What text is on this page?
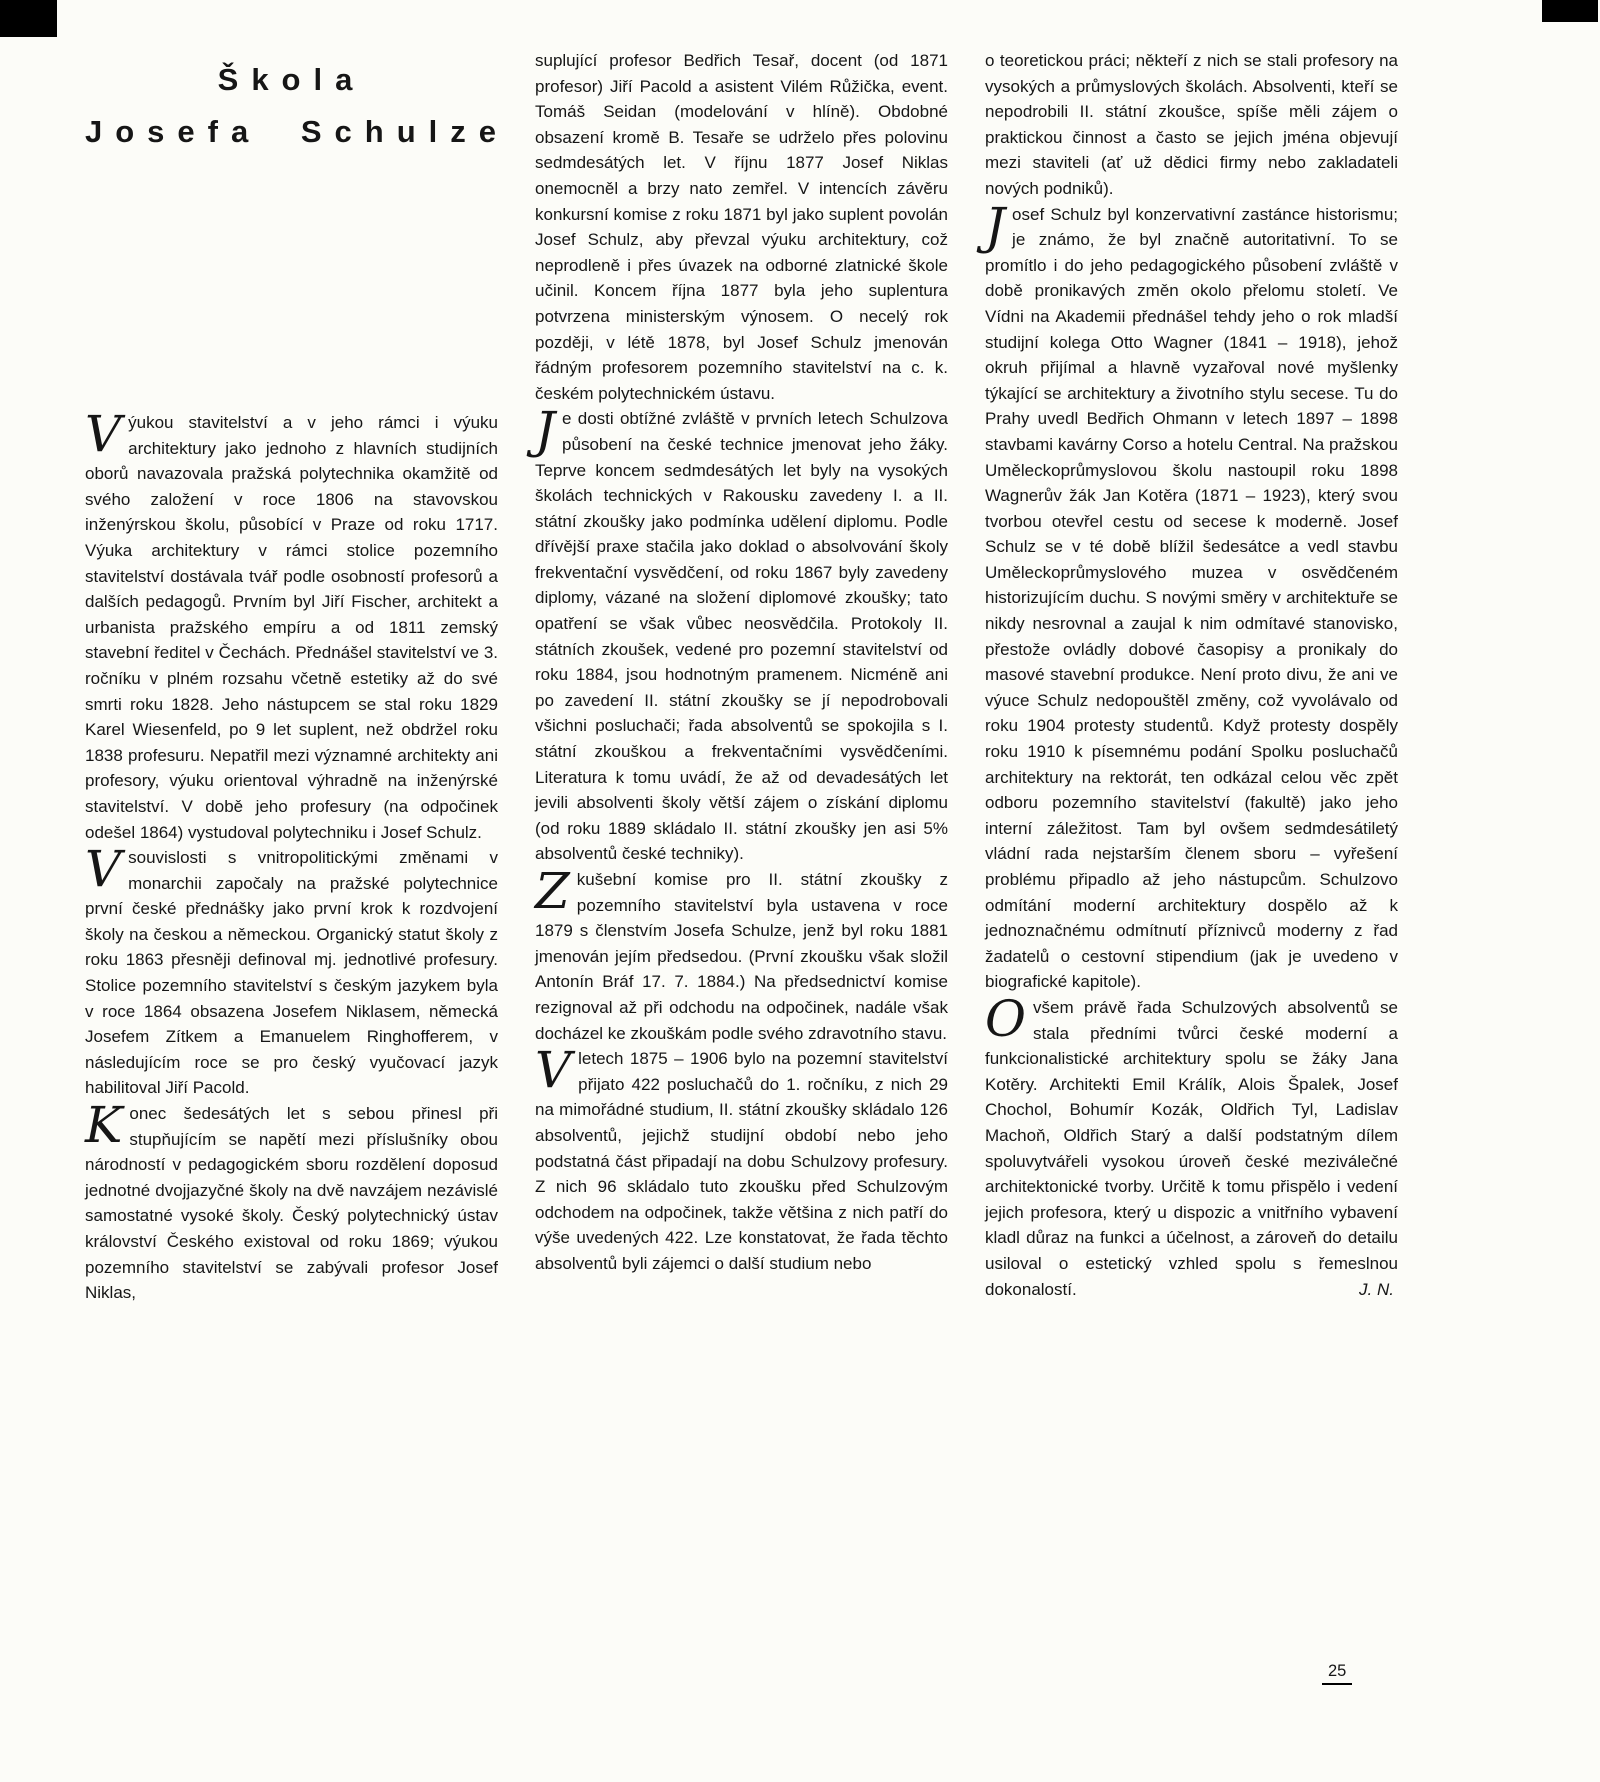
Škola
Josefa Schulze

Výukou stavitelství a v jeho rámci i výuku architektury jako jednoho z hlavních studijních oborů navazovala pražská polytechnika okamžitě od svého založení v roce 1806 na stavovskou inženýrskou školu, působící v Praze od roku 1717. Výuka architektury v rámci stolice pozemního stavitelství dostávala tvář podle osobností profesorů a dalších pedagogů. Prvním byl Jiří Fischer, architekt a urbanista pražského empíru a od 1811 zemský stavební ředitel v Čechách. Přednášel stavitelství ve 3. ročníku v plném rozsahu včetně estetiky až do své smrti roku 1828. Jeho nástupcem se stal roku 1829 Karel Wiesenfeld, po 9 let suplent, než obdržel roku 1838 profesuru. Nepatřil mezi významné architekty ani profesory, výuku orientoval výhradně na inženýrské stavitelství. V době jeho profesury (na odpočinek odešel 1864) vystudoval polytechniku i Josef Schulz.

V souvislosti s vnitropolitickými změnami v monarchii započaly na pražské polytechnice první české přednášky jako první krok k rozdvojení školy na českou a německou. Organický statut školy z roku 1863 přesněji definoval mj. jednotlivé profesury. Stolice pozemního stavitelství s českým jazykem byla v roce 1864 obsazena Josefem Niklasem, německá Josefem Zítkem a Emanuelem Ringhofferem, v následujícím roce se pro český vyučovací jazyk habilitoval Jiří Pacold.

Konec šedesátých let s sebou přinesl při stupňujícím se napětí mezi příslušníky obou národností v pedagogickém sboru rozdělení doposud jednotné dvojjazyčné školy na dvě navzájem nezávislé samostatné vysoké školy. Český polytechnický ústav království Českého existoval od roku 1869; výukou pozemního stavitelství se zabývali profesor Josef Niklas,

suplující profesor Bedřich Tesař, docent (od 1871 profesor) Jiří Pacold a asistent Vilém Růžička, event. Tomáš Seidan (modelování v hlíně). Obdobné obsazení kromě B. Tesaře se udrželo přes polovinu sedmdesátých let. V říjnu 1877 Josef Niklas onemocněl a brzy nato zemřel. V intencích závěru konkursní komise z roku 1871 byl jako suplent povolán Josef Schulz, aby převzal výuku architektury, což neprodleně i přes úvazek na odborné zlatnické škole učinil. Koncem října 1877 byla jeho suplentura potvrzena ministerským výnosem. O necelý rok později, v létě 1878, byl Josef Schulz jmenován řádným profesorem pozemního stavitelství na c. k. českém polytechnickém ústavu.

Je dosti obtížné zvláště v prvních letech Schulzova působení na české technice jmenovat jeho žáky. Teprve koncem sedmdesátých let byly na vysokých školách technických v Rakousku zavedeny I. a II. státní zkoušky jako podmínka udělení diplomu. Podle dřívější praxe stačila jako doklad o absolvování školy frekventační vysvědčení, od roku 1867 byly zavedeny diplomy, vázané na složení diplomové zkoušky; tato opatření se však vůbec neosvědčila. Protokoly II. státních zkoušek, vedené pro pozemní stavitelství od roku 1884, jsou hodnotným pramenem. Nicméně ani po zavedení II. státní zkoušky se jí nepodrobovali všichni posluchači; řada absolventů se spokojila s I. státní zkouškou a frekventačními vysvědčeními. Literatura k tomu uvádí, že až od devadesátých let jevili absolventi školy větší zájem o získání diplomu (od roku 1889 skládalo II. státní zkoušky jen asi 5% absolventů české techniky).

Zkušební komise pro II. státní zkoušky z pozemního stavitelství byla ustavena v roce 1879 s členstvím Josefa Schulze, jenž byl roku 1881 jmenován jejím předsedou. (První zkoušku však složil Antonín Bráf 17. 7. 1884.) Na předsednictví komise rezignoval až při odchodu na odpočinek, nadále však docházel ke zkouškám podle svého zdravotního stavu.

Vletech 1875 – 1906 bylo na pozemní stavitelství přijato 422 posluchačů do 1. ročníku, z nich 29 na mimořádné studium, II. státní zkoušky skládalo 126 absolventů, jejichž studijní období nebo jeho podstatná část připadají na dobu Schulzovy profesury. Z nich 96 skládalo tuto zkoušku před Schulzovým odchodem na odpočinek, takže většina z nich patří do výše uvedených 422. Lze konstatovat, že řada těchto absolventů byli zájemci o další studium nebo

o teoretickou práci; někteří z nich se stali profesory na vysokých a průmyslových školách. Absolventi, kteří se nepodrobili II. státní zkoušce, spíše měli zájem o praktickou činnost a často se jejich jména objevují mezi staviteli (ať už dědici firmy nebo zakladateli nových podniků).

Josef Schulz byl konzervativní zastánce historismu; je známo, že byl značně autoritativní. To se promítlo i do jeho pedagogického působení zvláště v době pronikavých změn okolo přelomu století. Ve Vídni na Akademii přednášel tehdy jeho o rok mladší studijní kolega Otto Wagner (1841 – 1918), jehož okruh přijímal a hlavně vyzařoval nové myšlenky týkající se architektury a životního stylu secese. Tu do Prahy uvedl Bedřich Ohmann v letech 1897 – 1898 stavbami kavárny Corso a hotelu Central. Na pražskou Uměleckoprůmyslovou školu nastoupil roku 1898 Wagnerův žák Jan Kotěra (1871 – 1923), který svou tvorbou otevřel cestu od secese k moderně. Josef Schulz se v té době blížil šedesátce a vedl stavbu Uměleckoprůmyslového muzea v osvědčeném historizujícím duchu. S novými směry v architektuře se nikdy nesrovnal a zaujal k nim odmítavé stanovisko, přestože ovládly dobové časopisy a pronikaly do masové stavební produkce. Není proto divu, že ani ve výuce Schulz nedopouštěl změny, což vyvolávalo od roku 1904 protesty studentů. Když protesty dospěly roku 1910 k písemnému podání Spolku posluchačů architektury na rektorát, ten odkázal celou věc zpět odboru pozemního stavitelství (fakultě) jako jeho interní záležitost. Tam byl ovšem sedmdesátiletý vládní rada nejstarším členem sboru – vyřešení problému připadlo až jeho nástupcům. Schulzovo odmítání moderní architektury dospělo až k jednoznačnému odmítnutí příznivců moderny z řad žadatelů o cestovní stipendium (jak je uvedeno v biografické kapitole).

Ovšem právě řada Schulzových absolventů se stala předními tvůrci české moderní a funkcionalistické architektury spolu se žáky Jana Kotěry. Architekti Emil Králík, Alois Špalek, Josef Chochol, Bohumír Kozák, Oldřich Tyl, Ladislav Machoň, Oldřich Starý a další podstatným dílem spoluvytvářeli vysokou úroveň české meziválečné architektonické tvorby. Určitě k tomu přispělo i vedení jejich profesora, který u dispozic a vnitřního vybavení kladl důraz na funkci a účelnost, a zároveň do detailu usiloval o estetický vzhled spolu s řemeslnou dokonalostí.	J. N.

25
